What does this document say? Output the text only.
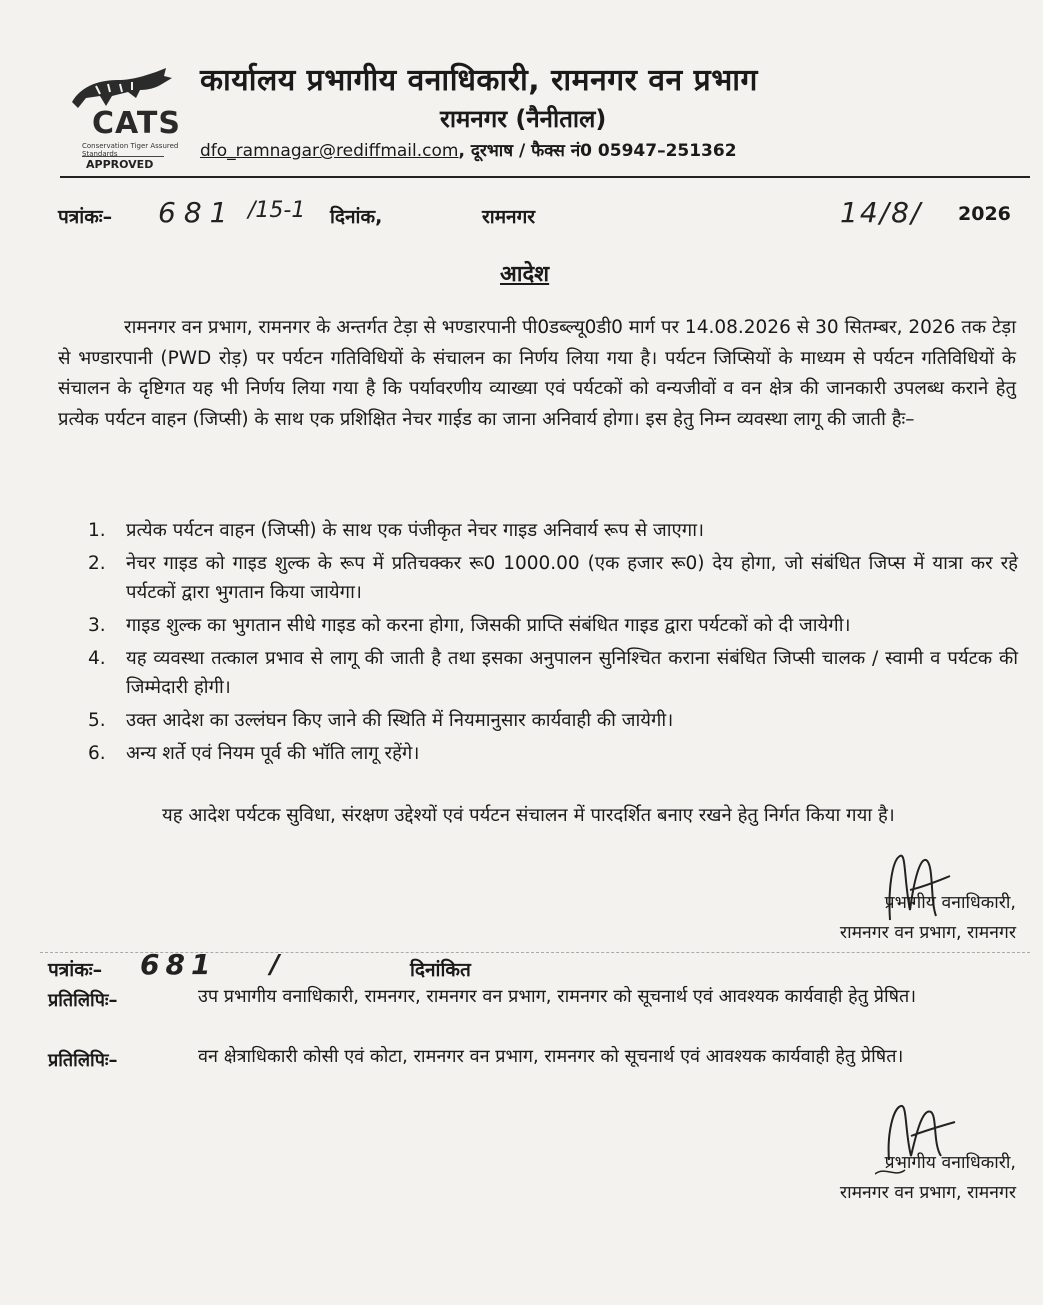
CATS
Conservation Tiger Assured Standards
APPROVED
कार्यालय प्रभागीय वनाधिकारी, रामनगर वन प्रभाग
रामनगर (नैनीताल)
dfo_ramnagar@rediffmail.com, दूरभाष / फैक्स नं0 05947–251362
पत्रांकः– 681 /15-1 दिनांक,	रामनगर	14/8/ 2026
आदेश
रामनगर वन प्रभाग, रामनगर के अन्तर्गत टेड़ा से भण्डारपानी पी0डब्ल्यू0डी0 मार्ग पर 14.08.2026 से 30 सितम्बर, 2026 तक टेड़ा से भण्डारपानी (PWD रोड़) पर पर्यटन गतिविधियों के संचालन का निर्णय लिया गया है। पर्यटन जिप्सियों के माध्यम से पर्यटन गतिविधियों के संचालन के दृष्टिगत यह भी निर्णय लिया गया है कि पर्यावरणीय व्याख्या एवं पर्यटकों को वन्यजीवों व वन क्षेत्र की जानकारी उपलब्ध कराने हेतु प्रत्येक पर्यटन वाहन (जिप्सी) के साथ एक प्रशिक्षित नेचर गाईड का जाना अनिवार्य होगा। इस हेतु निम्न व्यवस्था लागू की जाती हैः–
1. प्रत्येक पर्यटन वाहन (जिप्सी) के साथ एक पंजीकृत नेचर गाइड अनिवार्य रूप से जाएगा।
2. नेचर गाइड को गाइड शुल्क के रूप में प्रतिचक्कर रू0 1000.00 (एक हजार रू0) देय होगा, जो संबंधित जिप्स में यात्रा कर रहे पर्यटकों द्वारा भुगतान किया जायेगा।
3. गाइड शुल्क का भुगतान सीधे गाइड को करना होगा, जिसकी प्राप्ति संबंधित गाइड द्वारा पर्यटकों को दी जायेगी।
4. यह व्यवस्था तत्काल प्रभाव से लागू की जाती है तथा इसका अनुपालन सुनिश्चित कराना संबंधित जिप्सी चालक / स्वामी व पर्यटक की जिम्मेदारी होगी।
5. उक्त आदेश का उल्लंघन किए जाने की स्थिति में नियमानुसार कार्यवाही की जायेगी।
6. अन्य शर्ते एवं नियम पूर्व की भॉति लागू रहेंगे।
यह आदेश पर्यटक सुविधा, संरक्षण उद्देश्यों एवं पर्यटन संचालन में पारदर्शित बनाए रखने हेतु निर्गत किया गया है।
प्रभागीय वनाधिकारी,
रामनगर वन प्रभाग, रामनगर
पत्रांकः– 681 /	दिनांकित
प्रतिलिपिः–	उप प्रभागीय वनाधिकारी, रामनगर, रामनगर वन प्रभाग, रामनगर को सूचनार्थ एवं आवश्यक कार्यवाही हेतु प्रेषित।
प्रतिलिपिः–	वन क्षेत्राधिकारी कोसी एवं कोटा, रामनगर वन प्रभाग, रामनगर को सूचनार्थ एवं आवश्यक कार्यवाही हेतु प्रेषित।
प्रभागीय वनाधिकारी,
रामनगर वन प्रभाग, रामनगर
